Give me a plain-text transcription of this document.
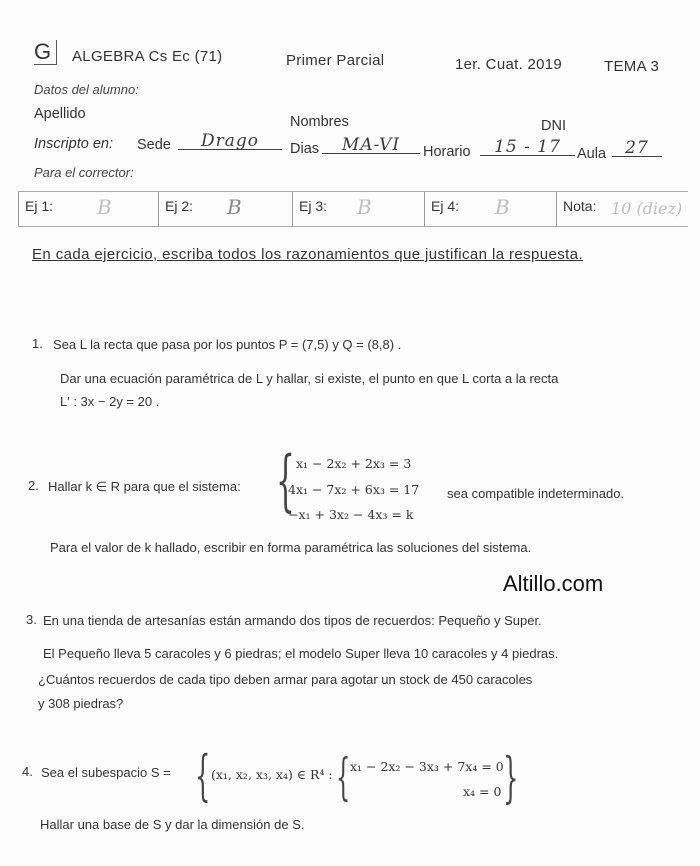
G	ALGEBRA Cs Ec (71)	Primer Parcial	1er. Cuat. 2019	TEMA 3
Datos del alumno:
Apellido	Nombres	DNI
Inscripto en: Sede	Drago	Dias	MA-VI	Horario	15 - 17	Aula	27
Para el corrector:
Ej 1: B	Ej 2: B	Ej 3: B	Ej 4: B	Nota: 10 (diez)
En cada ejercicio, escriba todos los razonamientos que justifican la respuesta.
1. Sea L la recta que pasa por los puntos P = (7,5) y Q = (8,8) .
Dar una ecuación paramétrica de L y hallar, si existe, el punto en que L corta a la recta
L' : 3x − 2y = 20 .
2. Hallar k ∈ R para que el sistema: { x₁ − 2x₂ + 2x₃ = 3
4x₁ − 7x₂ + 6x₃ = 17
−x₁ + 3x₂ − 4x₃ = k
sea compatible indeterminado.
Para el valor de k hallado, escribir en forma paramétrica las soluciones del sistema.
Altillo.com
3. En una tienda de artesanías están armando dos tipos de recuerdos: Pequeño y Super.
El Pequeño lleva 5 caracoles y 6 piedras; el modelo Super lleva 10 caracoles y 4 piedras.
¿Cuántos recuerdos de cada tipo deben armar para agotar un stock de 450 caracoles
y 308 piedras?
4. Sea el subespacio S = { (x₁, x₂, x₃, x₄) ∈ R⁴ : { x₁ − 2x₂ − 3x₃ + 7x₄ = 0
x₄ = 0 }
Hallar una base de S y dar la dimensión de S.
